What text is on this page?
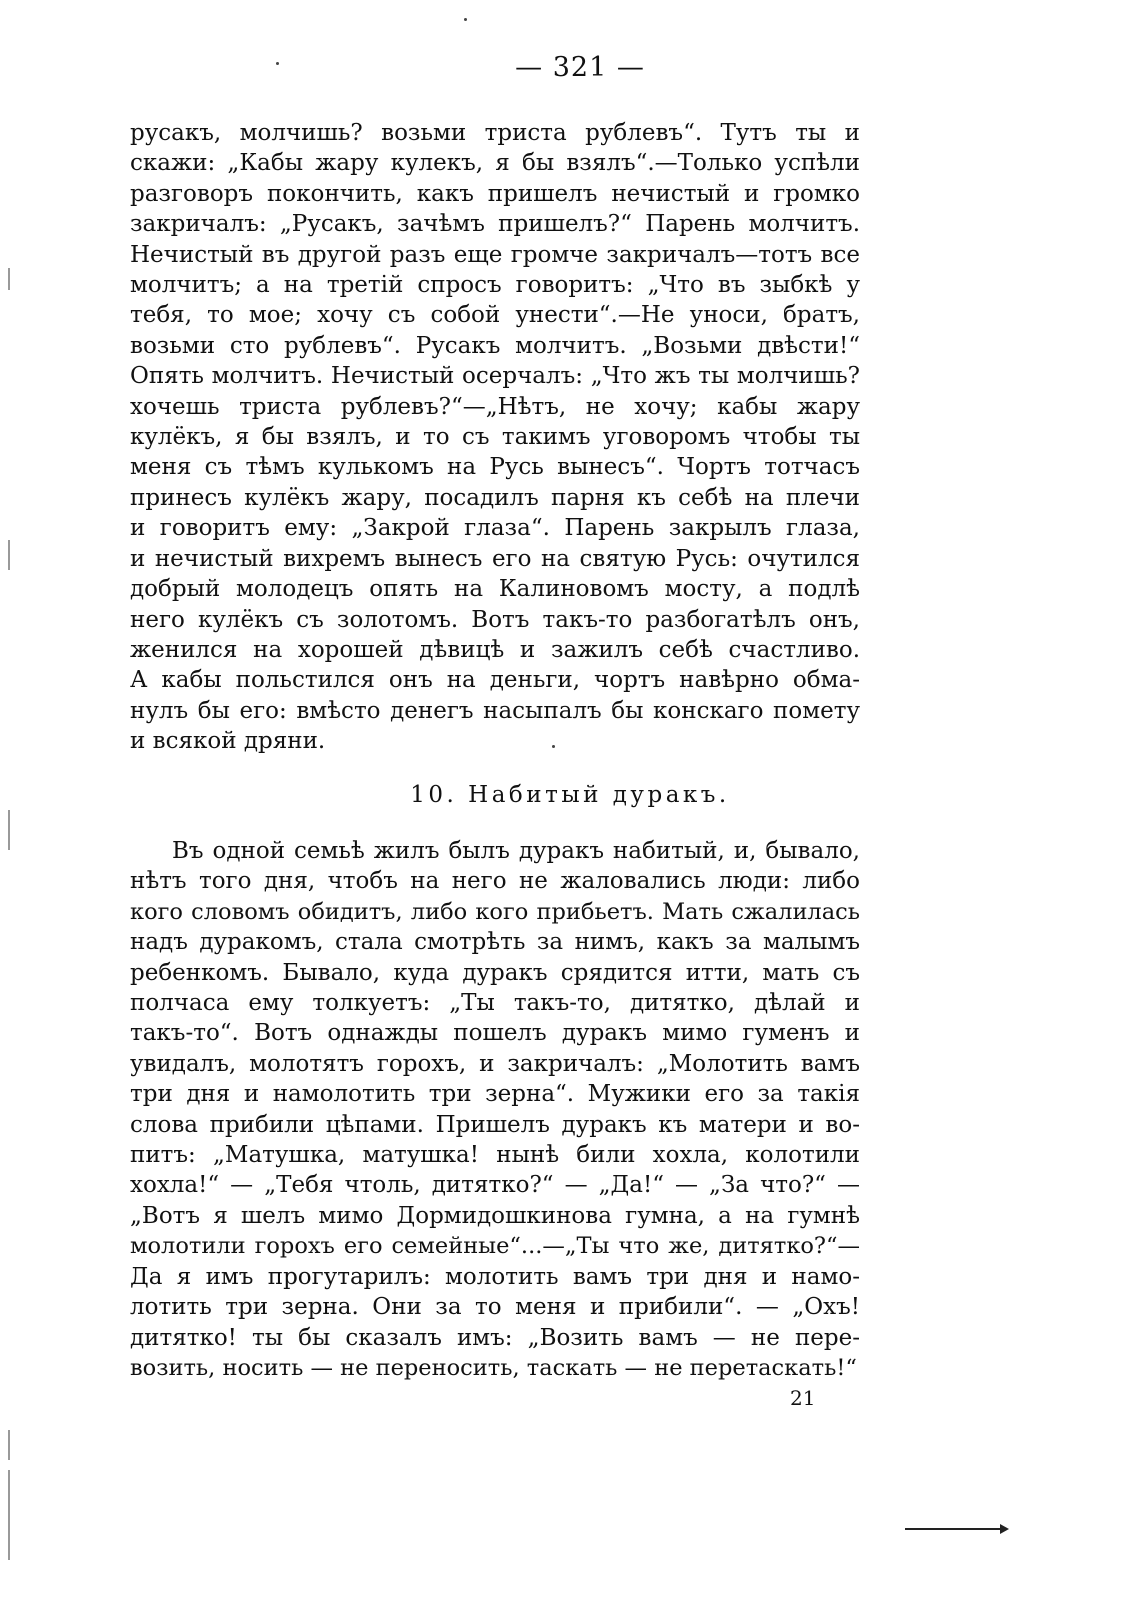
— 321 —

русакъ, молчишь? возьми триста рублевъ“. Тутъ ты и

скажи: „Кабы жару кулекъ, я бы взялъ“.—Только успѣли

разговоръ покончить, какъ пришелъ нечистый и громко

закричалъ: „Русакъ, зачѣмъ пришелъ?“ Парень молчитъ.

Нечистый въ другой разъ еще громче закричалъ—тотъ все

молчитъ; а на третій спросъ говоритъ: „Что въ зыбкѣ у

тебя, то мое; хочу съ собой унести“.—Не уноси, братъ,

возьми сто рублевъ“. Русакъ молчитъ. „Возьми двѣсти!“

Опять молчитъ. Нечистый осерчалъ: „Что жъ ты молчишь?

хочешь триста рублевъ?“—„Нѣтъ, не хочу; кабы жару

кулёкъ, я бы взялъ, и то съ такимъ уговоромъ чтобы ты

меня съ тѣмъ кулькомъ на Русь вынесъ“. Чортъ тотчасъ

принесъ кулёкъ жару, посадилъ парня къ себѣ на плечи

и говоритъ ему: „Закрой глаза“. Парень закрылъ глаза,

и нечистый вихремъ вынесъ его на святую Русь: очутился

добрый молодецъ опять на Калиновомъ мосту, а подлѣ

него кулёкъ съ золотомъ. Вотъ такъ-то разбогатѣлъ онъ,

женился на хорошей дѣвицѣ и зажилъ себѣ счастливо.

А кабы польстился онъ на деньги, чортъ навѣрно обма-

нулъ бы его: вмѣсто денегъ насыпалъ бы конскаго помету

и всякой дряни.

10. Набитый дуракъ.

Въ одной семьѣ жилъ былъ дуракъ набитый, и, бывало,

нѣтъ того дня, чтобъ на него не жаловались люди: либо

кого словомъ обидитъ, либо кого прибьетъ. Мать сжалилась

надъ дуракомъ, стала смотрѣть за нимъ, какъ за малымъ

ребенкомъ. Бывало, куда дуракъ срядится итти, мать съ

полчаса ему толкуетъ: „Ты такъ-то, дитятко, дѣлай и

такъ-то“. Вотъ однажды пошелъ дуракъ мимо гуменъ и

увидалъ, молотятъ горохъ, и закричалъ: „Молотить вамъ

три дня и намолотить три зерна“. Мужики его за такія

слова прибили цѣпами. Пришелъ дуракъ къ матери и во-

питъ: „Матушка, матушка! нынѣ били хохла, колотили

хохла!“ — „Тебя чтоль, дитятко?“ — „Да!“ — „За что?“ —

„Вотъ я шелъ мимо Дормидошкинова гумна, а на гумнѣ

молотили горохъ его семейные“...—„Ты что же, дитятко?“—

Да я имъ прогутарилъ: молотить вамъ три дня и намо-

лотить три зерна. Они за то меня и прибили“. — „Охъ!

дитятко! ты бы сказалъ имъ: „Возить вамъ — не пере-

возить, носить — не переносить, таскать — не перетаскать!“

21
